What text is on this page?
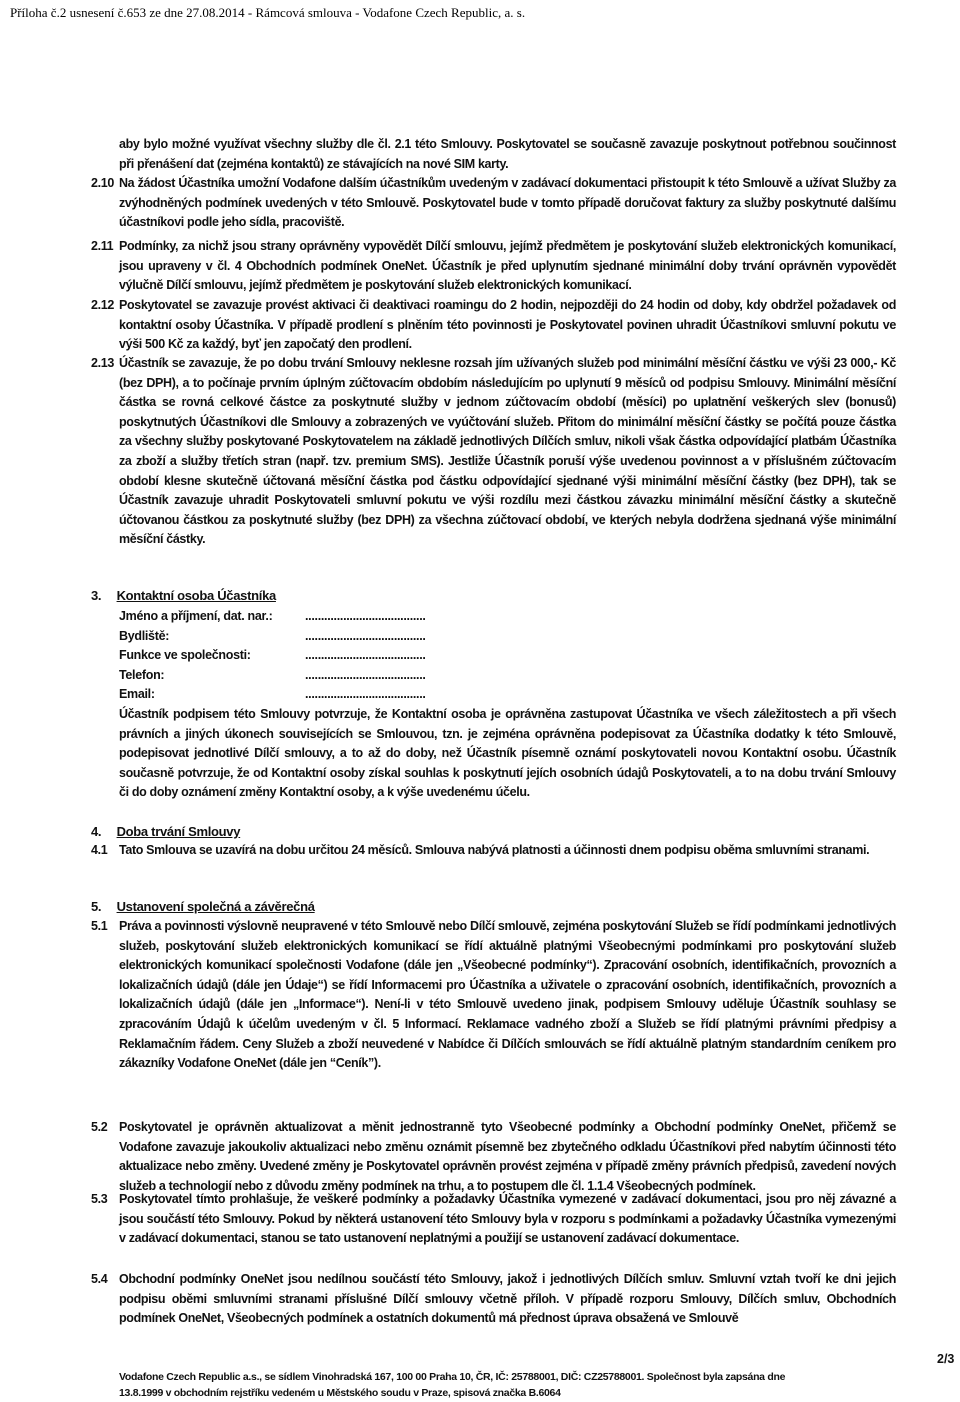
Příloha č.2 usnesení č.653 ze dne 27.08.2014 - Rámcová smlouva - Vodafone Czech Republic, a. s.

aby bylo možné využívat všechny služby dle čl. 2.1 této Smlouvy. Poskytovatel se současně zavazuje poskytnout potřebnou součinnost při přenášení dat (zejména kontaktů) ze stávajících na nové SIM karty.

2.10 Na žádost Účastníka umožní Vodafone dalším účastníkům uvedeným v zadávací dokumentaci přistoupit k této Smlouvě a užívat Služby za zvýhodněných podmínek uvedených v této Smlouvě. Poskytovatel bude v tomto případě doručovat faktury za služby poskytnuté dalšímu účastníkovi podle jeho sídla, pracoviště.

2.11 Podmínky, za nichž jsou strany oprávněny vypovědět Dílčí smlouvu, jejímž předmětem je poskytování služeb elektronických komunikací, jsou upraveny v čl. 4 Obchodních podmínek OneNet. Účastník je před uplynutím sjednané minimální doby trvání oprávněn vypovědět výlučně Dílčí smlouvu, jejímž předmětem je poskytování služeb elektronických komunikací.

2.12 Poskytovatel se zavazuje provést aktivaci či deaktivaci roamingu do 2 hodin, nejpozději do 24 hodin od doby, kdy obdržel požadavek od kontaktní osoby Účastníka. V případě prodlení s plněním této povinnosti je Poskytovatel povinen uhradit Účastníkovi smluvní pokutu ve výši 500 Kč za každý, byť jen započatý den prodlení.

2.13 Účastník se zavazuje, že po dobu trvání Smlouvy neklesne rozsah jím užívaných služeb pod minimální měsíční částku ve výši 23 000,- Kč (bez DPH), a to počínaje prvním úplným zúčtovacím obdobím následujícím po uplynutí 9 měsíců od podpisu Smlouvy. Minimální měsíční částka se rovná celkové částce za poskytnuté služby v jednom zúčtovacím období (měsíci) po uplatnění veškerých slev (bonusů) poskytnutých Účastníkovi dle Smlouvy a zobrazených ve vyúčtování služeb. Přitom do minimální měsíční částky se počítá pouze částka za všechny služby poskytované Poskytovatelem na základě jednotlivých Dílčích smluv, nikoli však částka odpovídající platbám Účastníka za zboží a služby třetích stran (např. tzv. premium SMS). Jestliže Účastník poruší výše uvedenou povinnost a v příslušném zúčtovacím období klesne skutečně účtovaná měsíční částka pod částku odpovídající sjednané výši minimální měsíční částky (bez DPH), tak se Účastník zavazuje uhradit Poskytovateli smluvní pokutu ve výši rozdílu mezi částkou závazku minimální měsíční částky a skutečně účtovanou částkou za poskytnuté služby (bez DPH) za všechna zúčtovací období, ve kterých nebyla dodržena sjednaná výše minimální měsíční částky.

3. Kontaktní osoba Účastníka
Jméno a příjmení, dat. nar.:	......................................
Bydliště:	......................................
Funkce ve společnosti:	......................................
Telefon:	......................................
Email:	......................................

Účastník podpisem této Smlouvy potvrzuje, že Kontaktní osoba je oprávněna zastupovat Účastníka ve všech záležitostech a při všech právních a jiných úkonech souvisejících se Smlouvou, tzn. je zejména oprávněna podepisovat za Účastníka dodatky k této Smlouvě, podepisovat jednotlivé Dílčí smlouvy, a to až do doby, než Účastník písemně oznámí poskytovateli novou Kontaktní osobu. Účastník současně potvrzuje, že od Kontaktní osoby získal souhlas k poskytnutí jejích osobních údajů Poskytovateli, a to na dobu trvání Smlouvy či do doby oznámení změny Kontaktní osoby, a k výše uvedenému účelu.

4. Doba trvání Smlouvy
4.1 Tato Smlouva se uzavírá na dobu určitou 24 měsíců. Smlouva nabývá platnosti a účinnosti dnem podpisu oběma smluvními stranami.

5. Ustanovení společná a závěrečná
5.1 Práva a povinnosti výslovně neupravené v této Smlouvě nebo Dílčí smlouvě, zejména poskytování Služeb se řídí podmínkami jednotlivých služeb, poskytování služeb elektronických komunikací se řídí aktuálně platnými Všeobecnými podmínkami pro poskytování služeb elektronických komunikací společnosti Vodafone (dále jen „Všeobecné podmínky“). Zpracování osobních, identifikačních, provozních a lokalizačních údajů (dále jen Údaje“) se řídí Informacemi pro Účastníka a uživatele o zpracování osobních, identifikačních, provozních a lokalizačních údajů (dále jen „Informace“). Není-li v této Smlouvě uvedeno jinak, podpisem Smlouvy uděluje Účastník souhlasy se zpracováním Údajů k účelům uvedeným v čl. 5 Informací. Reklamace vadného zboží a Služeb se řídí platnými právními předpisy a Reklamačním řádem. Ceny Služeb a zboží neuvedené v Nabídce či Dílčích smlouvách se řídí aktuálně platným standardním ceníkem pro zákazníky Vodafone OneNet (dále jen “Ceník”).

5.2 Poskytovatel je oprávněn aktualizovat a měnit jednostranně tyto Všeobecné podmínky a Obchodní podmínky OneNet, přičemž se Vodafone zavazuje jakoukoliv aktualizaci nebo změnu oznámit písemně bez zbytečného odkladu Účastníkovi před nabytím účinnosti této aktualizace nebo změny. Uvedené změny je Poskytovatel oprávněn provést zejména v případě změny právních předpisů, zavedení nových služeb a technologií nebo z důvodu změny podmínek na trhu, a to postupem dle čl. 1.1.4 Všeobecných podmínek.

5.3 Poskytovatel tímto prohlašuje, že veškeré podmínky a požadavky Účastníka vymezené v zadávací dokumentaci, jsou pro něj závazné a jsou součástí této Smlouvy. Pokud by některá ustanovení této Smlouvy byla v rozporu s podmínkami a požadavky Účastníka vymezenými v zadávací dokumentaci, stanou se tato ustanovení neplatnými a použijí se ustanovení zadávací dokumentace.

5.4 Obchodní podmínky OneNet jsou nedílnou součástí této Smlouvy, jakož i jednotlivých Dílčích smluv. Smluvní vztah tvoří ke dni jejich podpisu oběmi smluvními stranami příslušné Dílčí smlouvy včetně příloh. V případě rozporu Smlouvy, Dílčích smluv, Obchodních podmínek OneNet, Všeobecných podmínek a ostatních dokumentů má přednost úprava obsažená ve Smlouvě

2/3
Vodafone Czech Republic a.s., se sídlem Vinohradská 167, 100 00 Praha 10, ČR, IČ: 25788001, DIČ: CZ25788001. Společnost byla zapsána dne
13.8.1999 v obchodním rejstříku vedeném u Městského soudu v Praze, spisová značka B.6064
